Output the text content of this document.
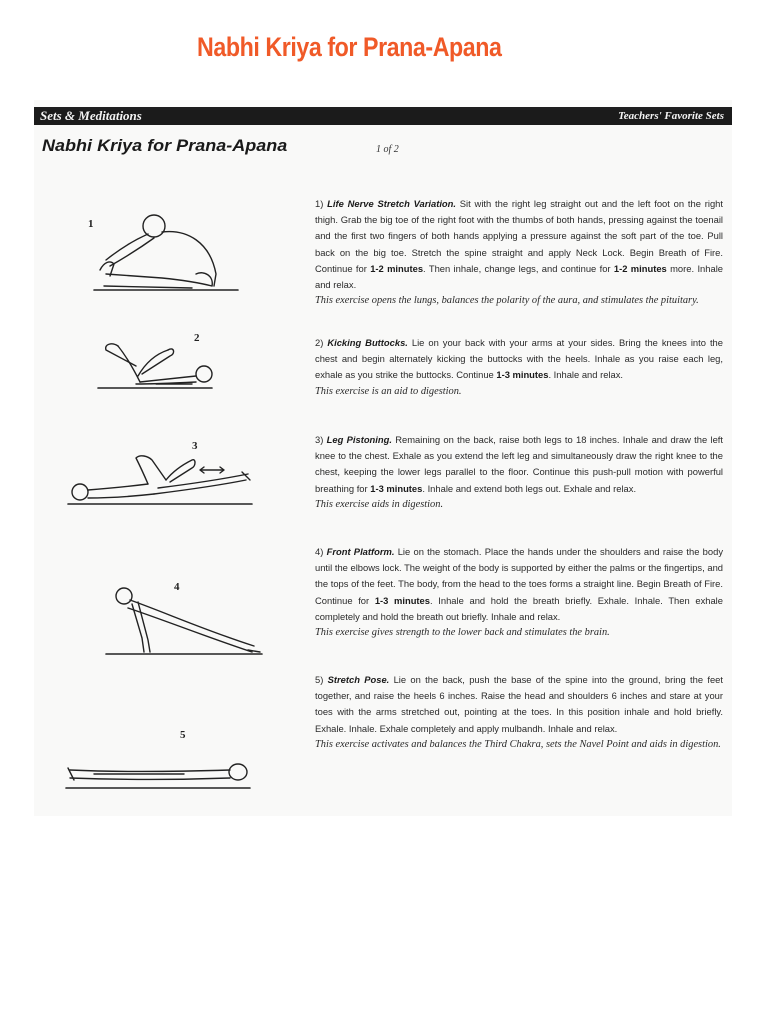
Nabhi Kriya for Prana-Apana
Sets & Meditations	Teachers' Favorite Sets
Nabhi Kriya for Prana-Apana	1 of 2
1
2
3
4
5
1) Life Nerve Stretch Variation. Sit with the right leg straight out and the left foot on the right thigh. Grab the big toe of the right foot with the thumbs of both hands, pressing against the toenail and the first two fingers of both hands applying a pressure against the soft part of the toe. Pull back on the big toe. Stretch the spine straight and apply Neck Lock. Begin Breath of Fire. Continue for 1-2 minutes. Then inhale, change legs, and continue for 1-2 minutes more. Inhale and relax.
This exercise opens the lungs, balances the polarity of the aura, and stimulates the pituitary.
2) Kicking Buttocks. Lie on your back with your arms at your sides. Bring the knees into the chest and begin alternately kicking the buttocks with the heels. Inhale as you raise each leg, exhale as you strike the buttocks. Continue 1-3 minutes. Inhale and relax.
This exercise is an aid to digestion.
3) Leg Pistoning. Remaining on the back, raise both legs to 18 inches. Inhale and draw the left knee to the chest. Exhale as you extend the left leg and simultaneously draw the right knee to the chest, keeping the lower legs parallel to the floor. Continue this push-pull motion with powerful breathing for 1-3 minutes. Inhale and extend both legs out. Exhale and relax.
This exercise aids in digestion.
4) Front Platform. Lie on the stomach. Place the hands under the shoulders and raise the body until the elbows lock. The weight of the body is supported by either the palms or the fingertips, and the tops of the feet. The body, from the head to the toes forms a straight line. Begin Breath of Fire. Continue for 1-3 minutes. Inhale and hold the breath briefly. Exhale. Inhale. Then exhale completely and hold the breath out briefly. Inhale and relax.
This exercise gives strength to the lower back and stimulates the brain.
5) Stretch Pose. Lie on the back, push the base of the spine into the ground, bring the feet together, and raise the heels 6 inches. Raise the head and shoulders 6 inches and stare at your toes with the arms stretched out, pointing at the toes. In this position inhale and hold briefly. Exhale. Inhale. Exhale completely and apply mulbandh. Inhale and relax.
This exercise activates and balances the Third Chakra, sets the Navel Point and aids in digestion.
